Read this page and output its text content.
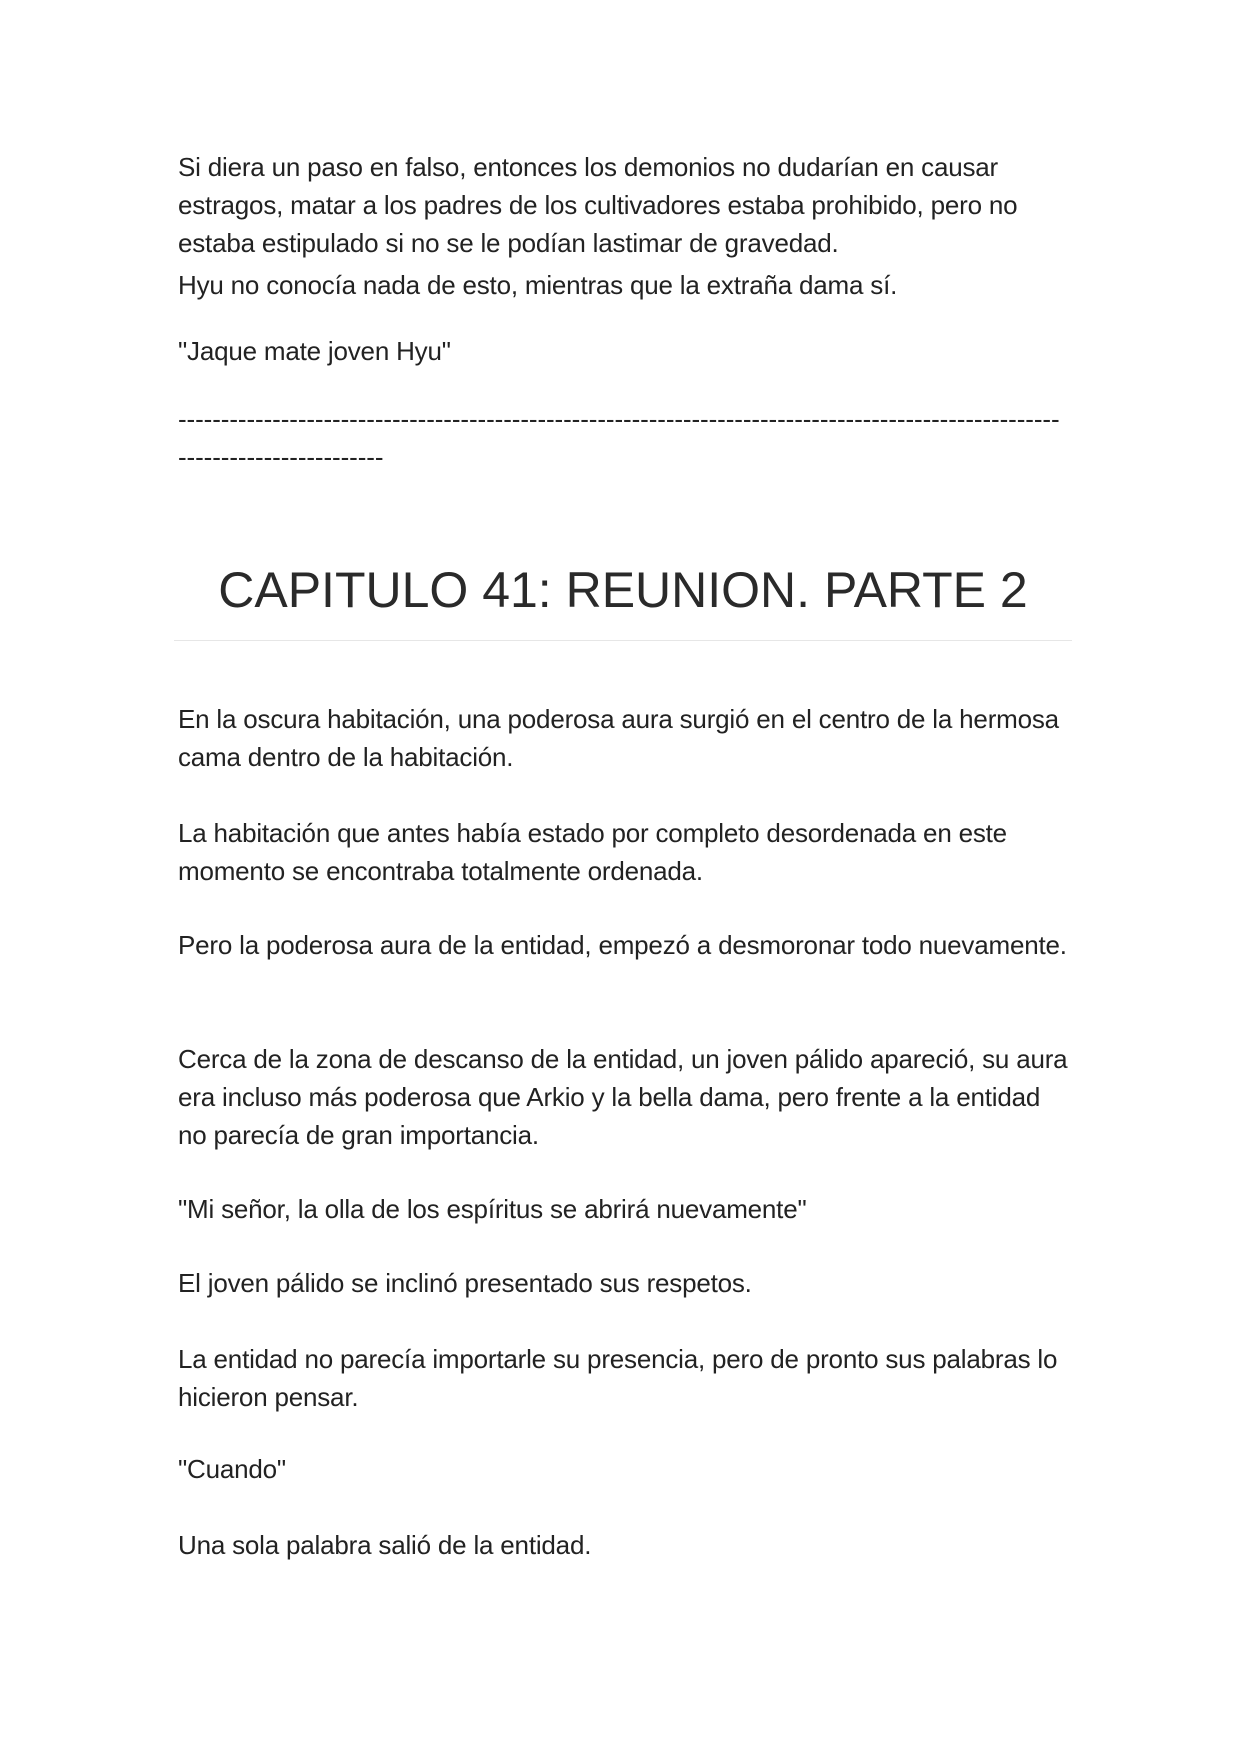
Si diera un paso en falso, entonces los demonios no dudarían en causar estragos, matar a los padres de los cultivadores estaba prohibido, pero no estaba estipulado si no se le podían lastimar de gravedad.

Hyu no conocía nada de esto, mientras que la extraña dama sí.

"Jaque mate joven Hyu"

-------------------------------------------------------------------------------------------------------------------------------
CAPITULO 41: REUNION. PARTE 2

En la oscura habitación, una poderosa aura surgió en el centro de la hermosa cama dentro de la habitación.

La habitación que antes había estado por completo desordenada en este momento se encontraba totalmente ordenada.

Pero la poderosa aura de la entidad, empezó a desmoronar todo nuevamente.

Cerca de la zona de descanso de la entidad, un joven pálido apareció, su aura era incluso más poderosa que Arkio y la bella dama, pero frente a la entidad no parecía de gran importancia.

"Mi señor, la olla de los espíritus se abrirá nuevamente"

El joven pálido se inclinó presentado sus respetos.

La entidad no parecía importarle su presencia, pero de pronto sus palabras lo hicieron pensar.

"Cuando"

Una sola palabra salió de la entidad.
